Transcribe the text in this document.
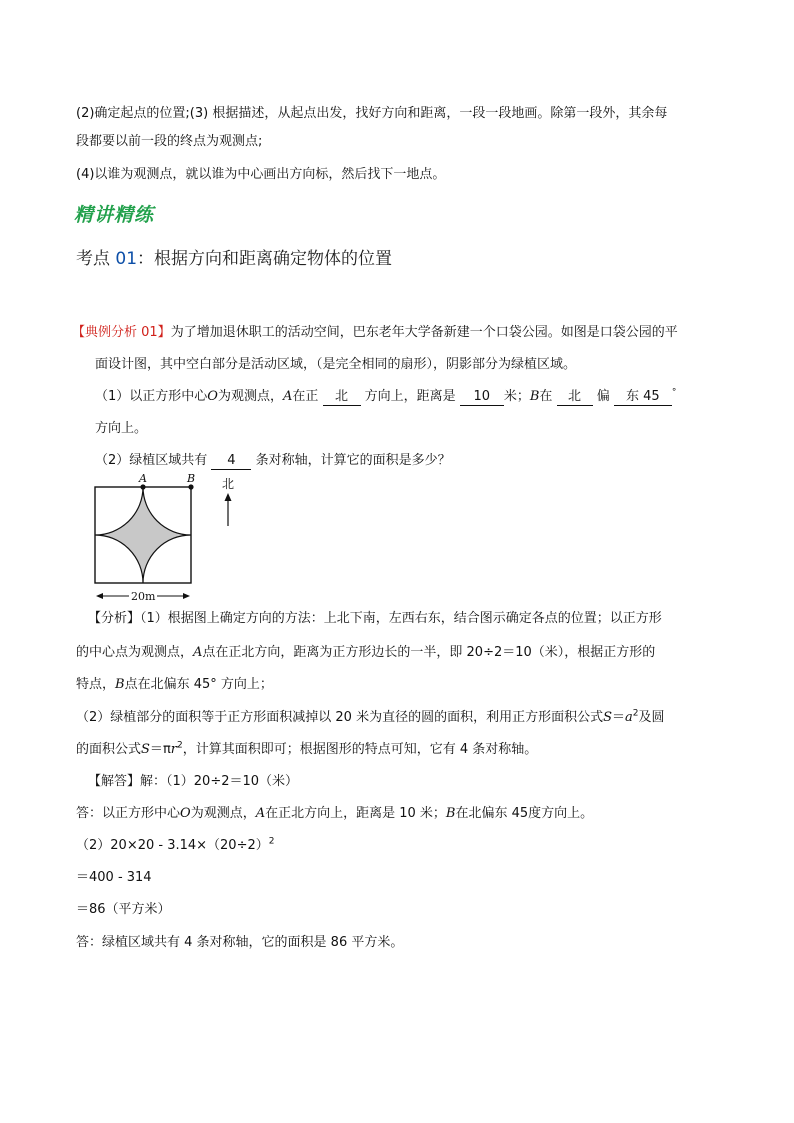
(2)确定起点的位置;(3) 根据描述，从起点出发，找好方向和距离，一段一段地画。除第一段外，其余每
段都要以前一段的终点为观测点;
(4)以谁为观测点，就以谁为中心画出方向标，然后找下一地点。
精讲精练
考点 01：根据方向和距离确定物体的位置
【典例分析 01】为了增加退休职工的活动空间，巴东老年大学备新建一个口袋公园。如图是口袋公园的平
面设计图，其中空白部分是活动区域，（是完全相同的扇形），阴影部分为绿植区域。
（1）以正方形中心O为观测点，A在正 北 方向上，距离是 10 米；B在 北 偏 东 45 °
方向上。
（2）绿植区域共有 4 条对称轴，计算它的面积是多少？
A	B
20m
北
【分析】（1）根据图上确定方向的方法：上北下南，左西右东，结合图示确定各点的位置；以正方形
的中心点为观测点，A点在正北方向，距离为正方形边长的一半，即 20÷2＝10（米），根据正方形的
特点，B点在北偏东 45° 方向上；
（2）绿植部分的面积等于正方形面积减掉以 20 米为直径的圆的面积，利用正方形面积公式$S=a^2$及圆
的面积公式$S=\pi r^2$，计算其面积即可；根据图形的特点可知，它有 4 条对称轴。
【解答】解：（1）20÷2＝10（米）
答：以正方形中心O为观测点，A在正北方向上，距离是 10 米；B在北偏东 45度方向上。
$(2)20\times 20 - 3.14\times(20\div 2)^2$
＝400 - 314
＝86（平方米）
答：绿植区域共有 4 条对称轴，它的面积是 86 平方米。
